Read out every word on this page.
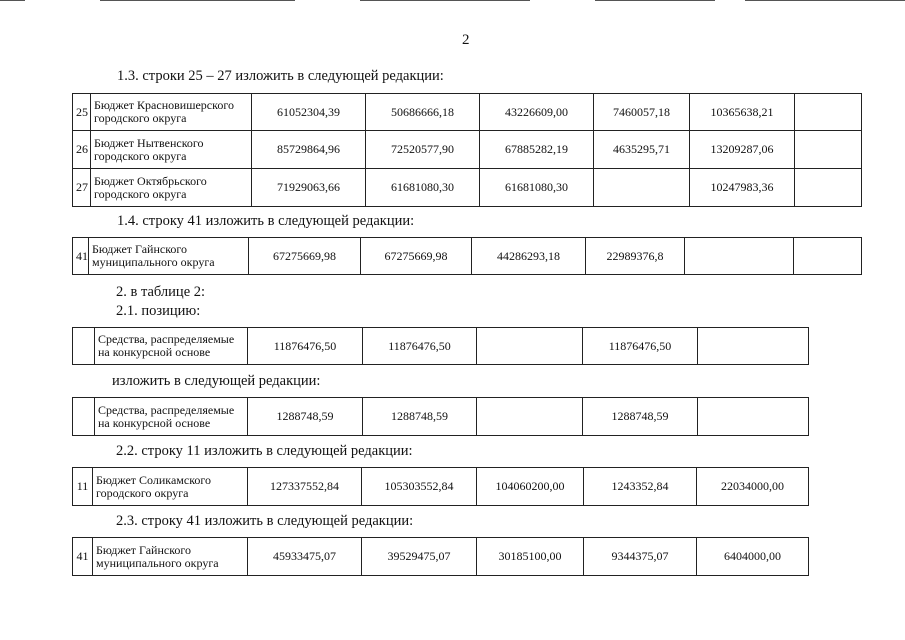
2
1.3. строки 25 – 27 изложить в следующей редакции:
25	Бюджет Красновишерского
городского округа	61052304,39	50686666,18	43226609,00	7460057,18	10365638,21	
26	Бюджет Нытвенского
городского округа	85729864,96	72520577,90	67885282,19	4635295,71	13209287,06	
27	Бюджет Октябрьского
городского округа	71929063,66	61681080,30	61681080,30		10247983,36	
1.4. строку 41 изложить в следующей редакции:
41	Бюджет Гайнского
муниципального округа	67275669,98	67275669,98	44286293,18	22989376,8		
2. в таблице 2:
2.1. позицию:
	Средства, распределяемые
на конкурсной основе	11876476,50	11876476,50		11876476,50	
изложить в следующей редакции:
	Средства, распределяемые
на конкурсной основе	1288748,59	1288748,59		1288748,59	
2.2. строку 11 изложить в следующей редакции:
11	Бюджет Соликамского
городского округа	127337552,84	105303552,84	104060200,00	1243352,84	22034000,00
2.3. строку 41 изложить в следующей редакции:
41	Бюджет Гайнского
муниципального округа	45933475,07	39529475,07	30185100,00	9344375,07	6404000,00
